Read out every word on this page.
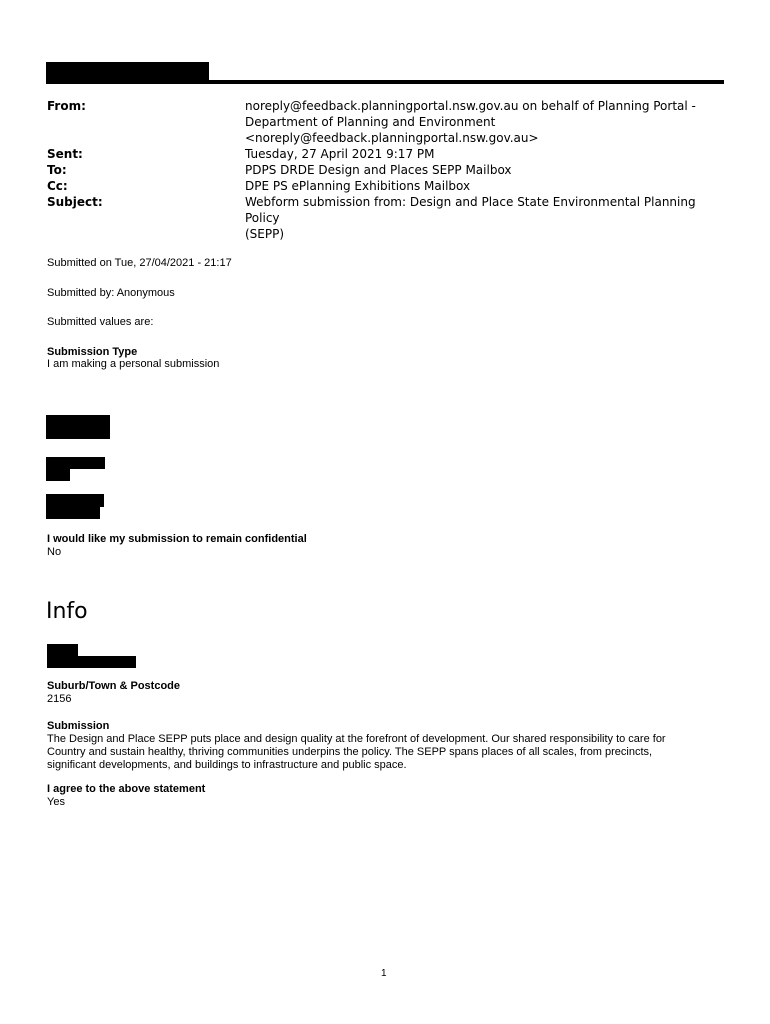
From:	noreply@feedback.planningportal.nsw.gov.au on behalf of Planning Portal -
Department of Planning and Environment
<noreply@feedback.planningportal.nsw.gov.au>
Sent:	Tuesday, 27 April 2021 9:17 PM
To:	PDPS DRDE Design and Places SEPP Mailbox
Cc:	DPE PS ePlanning Exhibitions Mailbox
Subject:	Webform submission from: Design and Place State Environmental Planning Policy
(SEPP)
Submitted on Tue, 27/04/2021 - 21:17
Submitted by: Anonymous
Submitted values are:
Submission Type
I am making a personal submission
I would like my submission to remain confidential
No
Info
Suburb/Town & Postcode
2156
Submission
The Design and Place SEPP puts place and design quality at the forefront of development. Our shared responsibility to care for
Country and sustain healthy, thriving communities underpins the policy. The SEPP spans places of all scales, from precincts,
significant developments, and buildings to infrastructure and public space.
I agree to the above statement
Yes
1
